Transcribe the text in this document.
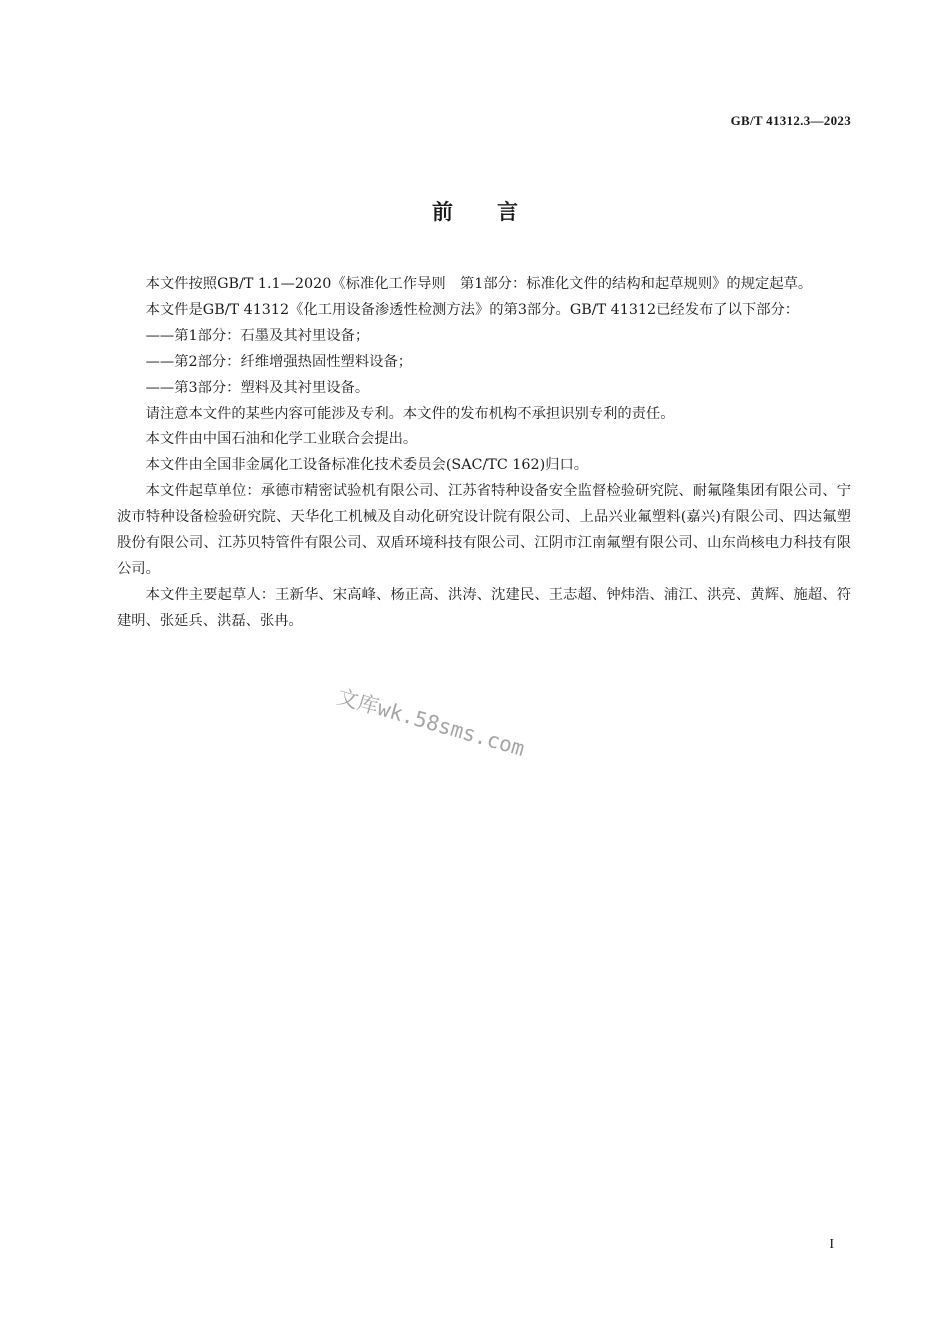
GB/T 41312.3—2023
前言

本文件按照GB/T 1.1—2020《标准化工作导则　第1部分：标准化文件的结构和起草规则》的规定起草。

本文件是GB/T 41312《化工用设备渗透性检测方法》的第3部分。GB/T 41312已经发布了以下部分：

——第1部分：石墨及其衬里设备；

——第2部分：纤维增强热固性塑料设备；

——第3部分：塑料及其衬里设备。

请注意本文件的某些内容可能涉及专利。本文件的发布机构不承担识别专利的责任。

本文件由中国石油和化学工业联合会提出。

本文件由全国非金属化工设备标准化技术委员会(SAC/TC 162)归口。

本文件起草单位：承德市精密试验机有限公司、江苏省特种设备安全监督检验研究院、耐氟隆集团有限公司、宁波市特种设备检验研究院、天华化工机械及自动化研究设计院有限公司、上品兴业氟塑料(嘉兴)有限公司、四达氟塑股份有限公司、江苏贝特管件有限公司、双盾环境科技有限公司、江阴市江南氟塑有限公司、山东尚核电力科技有限公司。

本文件主要起草人：王新华、宋高峰、杨正高、洪涛、沈建民、王志超、钟炜浩、浦江、洪亮、黄辉、施超、符建明、张延兵、洪磊、张冉。

文库wk.58sms.com
I
